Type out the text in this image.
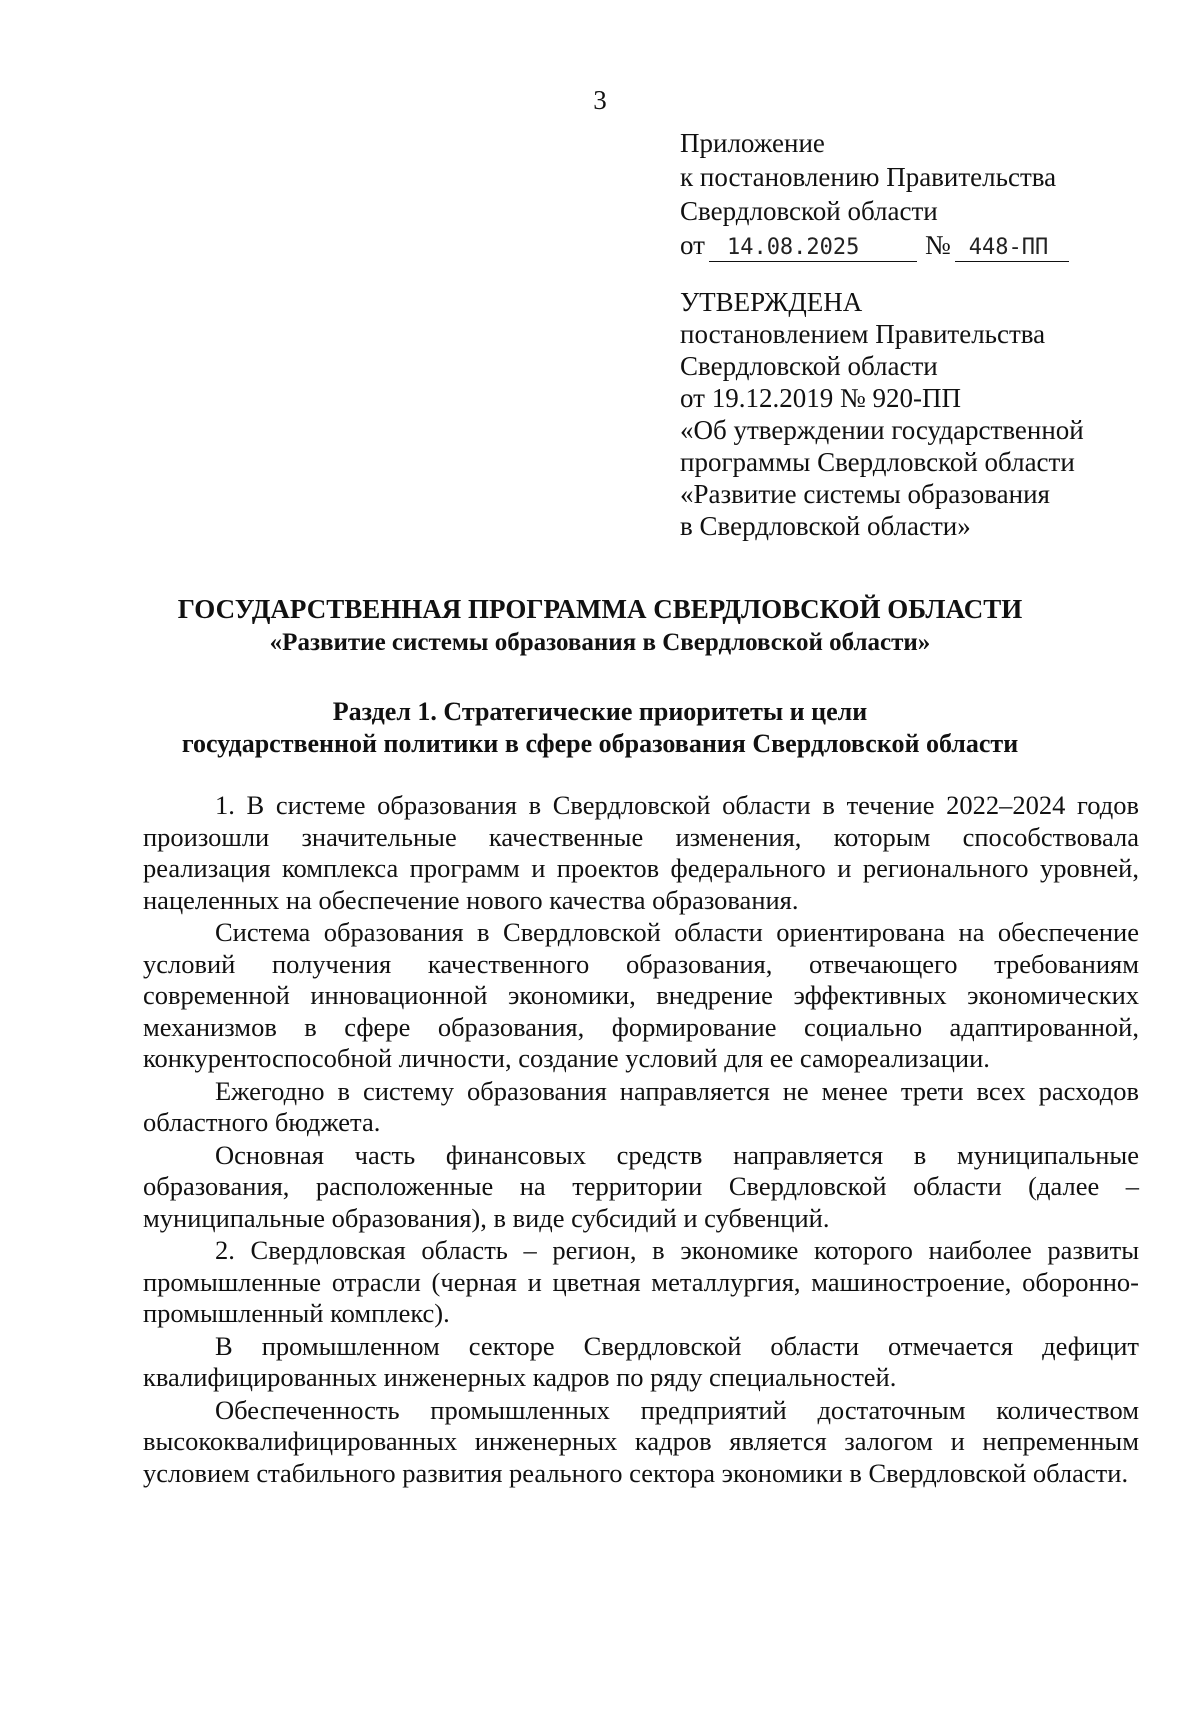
3
Приложение
к постановлению Правительства
Свердловской области
от	14.08.2025	№ 448-ПП
УТВЕРЖДЕНА
постановлением Правительства
Свердловской области
от 19.12.2019 № 920-ПП
«Об утверждении государственной
программы Свердловской области
«Развитие системы образования
в Свердловской области»
ГОСУДАРСТВЕННАЯ ПРОГРАММА СВЕРДЛОВСКОЙ ОБЛАСТИ
«Развитие системы образования в Свердловской области»
Раздел 1. Стратегические приоритеты и цели
государственной политики в сфере образования Свердловской области

1. В системе образования в Свердловской области в течение 2022–2024 годов произошли значительные качественные изменения, которым способствовала реализация комплекса программ и проектов федерального и регионального уровней, нацеленных на обеспечение нового качества образования.

Система образования в Свердловской области ориентирована на обеспечение условий получения качественного образования, отвечающего требованиям современной инновационной экономики, внедрение эффективных экономических механизмов в сфере образования, формирование социально адаптированной, конкурентоспособной личности, создание условий для ее самореализации.

Ежегодно в систему образования направляется не менее трети всех расходов областного бюджета.

Основная часть финансовых средств направляется в муниципальные образования, расположенные на территории Свердловской области (далее – муниципальные образования), в виде субсидий и субвенций.

2. Свердловская область – регион, в экономике которого наиболее развиты промышленные отрасли (черная и цветная металлургия, машиностроение, оборонно-промышленный комплекс).

В промышленном секторе Свердловской области отмечается дефицит квалифицированных инженерных кадров по ряду специальностей.

Обеспеченность промышленных предприятий достаточным количеством высококвалифицированных инженерных кадров является залогом и непременным условием стабильного развития реального сектора экономики в Свердловской области.
